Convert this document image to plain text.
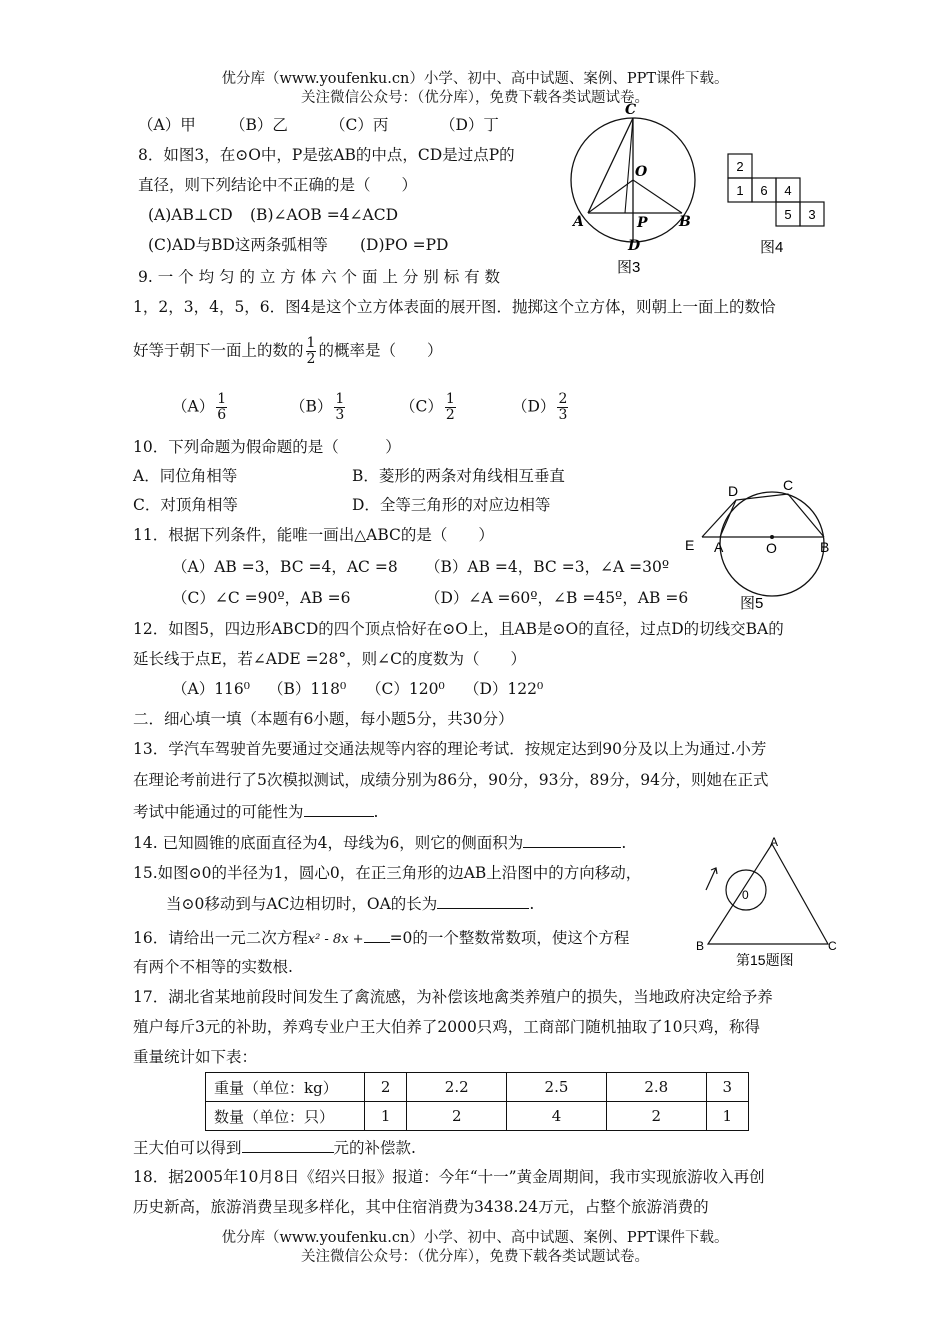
优分库（www.youfenku.cn）小学、初中、高中试题、案例、PPT课件下载。
关注微信公众号：（优分库），免费下载各类试题试卷。
（A）甲 （B）乙	（C）丙	（D）丁
8．如图3，在⊙O中，P是弦AB的中点，CD是过点P的
直径，则下列结论中不正确的是（　　）
(A)AB⊥CD (B)∠AOB =4∠ACD
(C)AD与BD这两条弧相等 (D)PO =PD
C
O
A	P B
D
图3
2
1 6 4
5 3
图4
9. 一 个 均 匀 的 立 方 体 六 个 面 上 分 别 标 有 数
1，2，3，4，5，6．图4是这个立方体表面的展开图．抛掷这个立方体，则朝上一面上的数恰
好等于朝下一面上的数的 $\frac{1}{2}$ 的概率是（　　）
$(A) \frac{1}{6}$	$(B) \frac{1}{3}$	$(C) \frac{1}{2}$	$(D) \frac{2}{3}$
10．下列命题为假命题的是（　　　）
A．同位角相等	B．菱形的两条对角线相互垂直
C．对顶角相等	D．全等三角形的对应边相等
D	C
E A	O	B
图5
11．根据下列条件，能唯一画出△ABC的是（　　）
（A）AB =3，BC =4，AC =8 （B）AB =4，BC =3，∠A =30º
（C）∠C =90º，AB =6	（D）∠A =60º，∠B =45º，AB =6
12．如图5，四边形ABCD的四个顶点恰好在⊙O上，且AB是⊙O的直径，过点D的切线交BA的
延长线于点E，若∠ADE =28°，则∠C的度数为（　　）
（A）116⁰ （B）118⁰ （C）120⁰ （D）122⁰
二．细心填一填（本题有6小题，每小题5分，共30分）
13．学汽车驾驶首先要通过交通法规等内容的理论考试．按规定达到90分及以上为通过.小芳
在理论考前进行了5次模拟测试，成绩分别为86分，90分，93分，89分，94分，则她在正式
考试中能通过的可能性为	.
14. 已知圆锥的底面直径为4，母线为6，则它的侧面积为	.
15.如图⊙0的半径为1，圆心0，在正三角形的边AB上沿图中的方向移动，
当⊙0移动到与AC边相切时，OA的长为	.
A
0
B	C
第15题图
16．请给出一元二次方程x² - 8x + =0的一个整数常数项，使这个方程
有两个不相等的实数根.
17．湖北省某地前段时间发生了禽流感，为补偿该地禽类养殖户的损失，当地政府决定给予养
殖户每斤3元的补助，养鸡专业户王大伯养了2000只鸡，工商部门随机抽取了10只鸡，称得
重量统计如下表：
重量（单位：kg）	2	2.2	2.5	2.8	3
数量（单位：只）	1	2	4	2	1
王大伯可以得到	元的补偿款.
18．据2005年10月8日《绍兴日报》报道：今年“十一”黄金周期间，我市实现旅游收入再创
历史新高，旅游消费呈现多样化，其中住宿消费为3438.24万元，占整个旅游消费的
优分库（www.youfenku.cn）小学、初中、高中试题、案例、PPT课件下载。
关注微信公众号：（优分库），免费下载各类试题试卷。
